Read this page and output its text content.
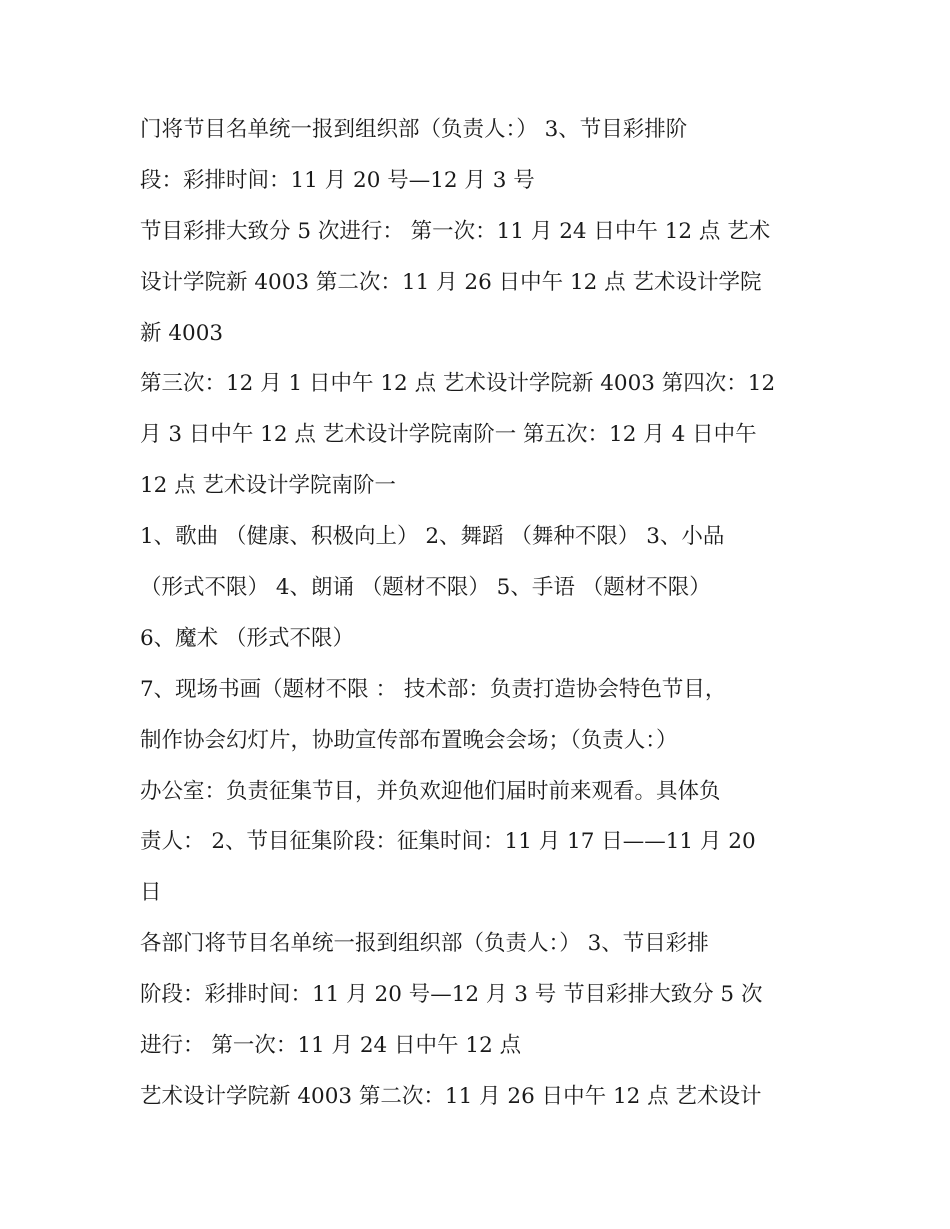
门将节目名单统一报到组织部（负责人：） 3、节目彩排阶
段：彩排时间：11 月 20 号—12 月 3 号
节目彩排大致分 5 次进行： 第一次：11 月 24 日中午 12 点 艺术
设计学院新 4003 第二次：11 月 26 日中午 12 点 艺术设计学院
新 4003
第三次：12 月 1 日中午 12 点 艺术设计学院新 4003 第四次：12
月 3 日中午 12 点 艺术设计学院南阶一 第五次：12 月 4 日中午
12 点 艺术设计学院南阶一
1、歌曲 （健康、积极向上） 2、舞蹈 （舞种不限） 3、小品
（形式不限） 4、朗诵 （题材不限） 5、手语 （题材不限）
6、魔术 （形式不限）
7、现场书画（题材不限 ： 技术部：负责打造协会特色节目，
制作协会幻灯片，协助宣传部布置晚会会场；（负责人：）
办公室：负责征集节目，并负欢迎他们届时前来观看。具体负
责人： 2、节目征集阶段：征集时间：11 月 17 日——11 月 20
日
各部门将节目名单统一报到组织部（负责人：） 3、节目彩排
阶段：彩排时间：11 月 20 号—12 月 3 号 节目彩排大致分 5 次
进行： 第一次：11 月 24 日中午 12 点
艺术设计学院新 4003 第二次：11 月 26 日中午 12 点 艺术设计
